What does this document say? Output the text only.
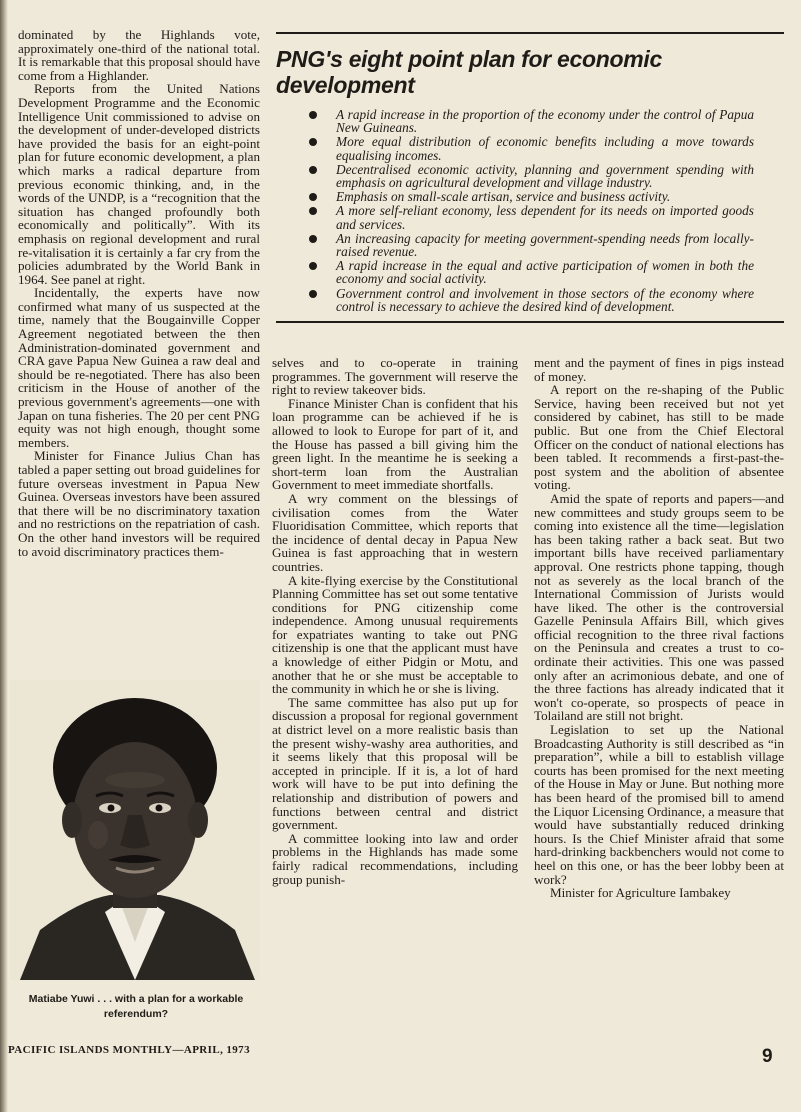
dominated by the Highlands vote, approximately one-third of the national total. It is remarkable that this proposal should have come from a Highlander.

Reports from the United Nations Development Programme and the Economic Intelligence Unit commissioned to advise on the development of under-developed districts have provided the basis for an eight-point plan for future economic development, a plan which marks a radical departure from previous economic thinking, and, in the words of the UNDP, is a “recognition that the situation has changed profoundly both economically and politically”. With its emphasis on regional development and rural re-vitalisation it is certainly a far cry from the policies adumbrated by the World Bank in 1964. See panel at right.

Incidentally, the experts have now confirmed what many of us suspected at the time, namely that the Bougainville Copper Agreement negotiated between the then Administration-dominated government and CRA gave Papua New Guinea a raw deal and should be re-negotiated. There has also been criticism in the House of another of the previous government's agreements—one with Japan on tuna fisheries. The 20 per cent PNG equity was not high enough, thought some members.

Minister for Finance Julius Chan has tabled a paper setting out broad guidelines for future overseas investment in Papua New Guinea. Overseas investors have been assured that there will be no discriminatory taxation and no restrictions on the repatriation of cash. On the other hand investors will be required to avoid discriminatory practices them-

PNG's eight point plan for economic development
A rapid increase in the proportion of the economy under the control of Papua New Guineans.
More equal distribution of economic benefits including a move towards equalising incomes.
Decentralised economic activity, planning and government spending with emphasis on agricultural development and village industry.
Emphasis on small-scale artisan, service and business activity.
A more self-reliant economy, less dependent for its needs on imported goods and services.
An increasing capacity for meeting government-spending needs from locally-raised revenue.
A rapid increase in the equal and active participation of women in both the economy and social activity.
Government control and involvement in those sectors of the economy where control is necessary to achieve the desired kind of development.

selves and to co-operate in training programmes. The government will reserve the right to review takeover bids.

Finance Minister Chan is confident that his loan programme can be achieved if he is allowed to look to Europe for part of it, and the House has passed a bill giving him the green light. In the meantime he is seeking a short-term loan from the Australian Government to meet immediate shortfalls.

A wry comment on the blessings of civilisation comes from the Water Fluoridisation Committee, which reports that the incidence of dental decay in Papua New Guinea is fast approaching that in western countries.

A kite-flying exercise by the Constitutional Planning Committee has set out some tentative conditions for PNG citizenship come independence. Among unusual requirements for expatriates wanting to take out PNG citizenship is one that the applicant must have a knowledge of either Pidgin or Motu, and another that he or she must be acceptable to the community in which he or she is living.

The same committee has also put up for discussion a proposal for regional government at district level on a more realistic basis than the present wishy-washy area authorities, and it seems likely that this proposal will be accepted in principle. If it is, a lot of hard work will have to be put into defining the relationship and distribution of powers and functions between central and district government.

A committee looking into law and order problems in the Highlands has made some fairly radical recommendations, including group punish-

ment and the payment of fines in pigs instead of money.

A report on the re-shaping of the Public Service, having been received but not yet considered by cabinet, has still to be made public. But one from the Chief Electoral Officer on the conduct of national elections has been tabled. It recommends a first-past-the-post system and the abolition of absentee voting.

Amid the spate of reports and papers—and new committees and study groups seem to be coming into existence all the time—legislation has been taking rather a back seat. But two important bills have received parliamentary approval. One restricts phone tapping, though not as severely as the local branch of the International Commission of Jurists would have liked. The other is the controversial Gazelle Peninsula Affairs Bill, which gives official recognition to the three rival factions on the Peninsula and creates a trust to co-ordinate their activities. This one was passed only after an acrimonious debate, and one of the three factions has already indicated that it won't co-operate, so prospects of peace in Tolailand are still not bright.

Legislation to set up the National Broadcasting Authority is still described as “in preparation”, while a bill to establish village courts has been promised for the next meeting of the House in May or June. But nothing more has been heard of the promised bill to amend the Liquor Licensing Ordinance, a measure that would have substantially reduced drinking hours. Is the Chief Minister afraid that some hard-drinking backbenchers would not come to heel on this one, or has the beer lobby been at work?

Minister for Agriculture Iambakey

Matiabe Yuwi . . . with a plan for a workable referendum?
PACIFIC ISLANDS MONTHLY—APRIL, 1973	9
